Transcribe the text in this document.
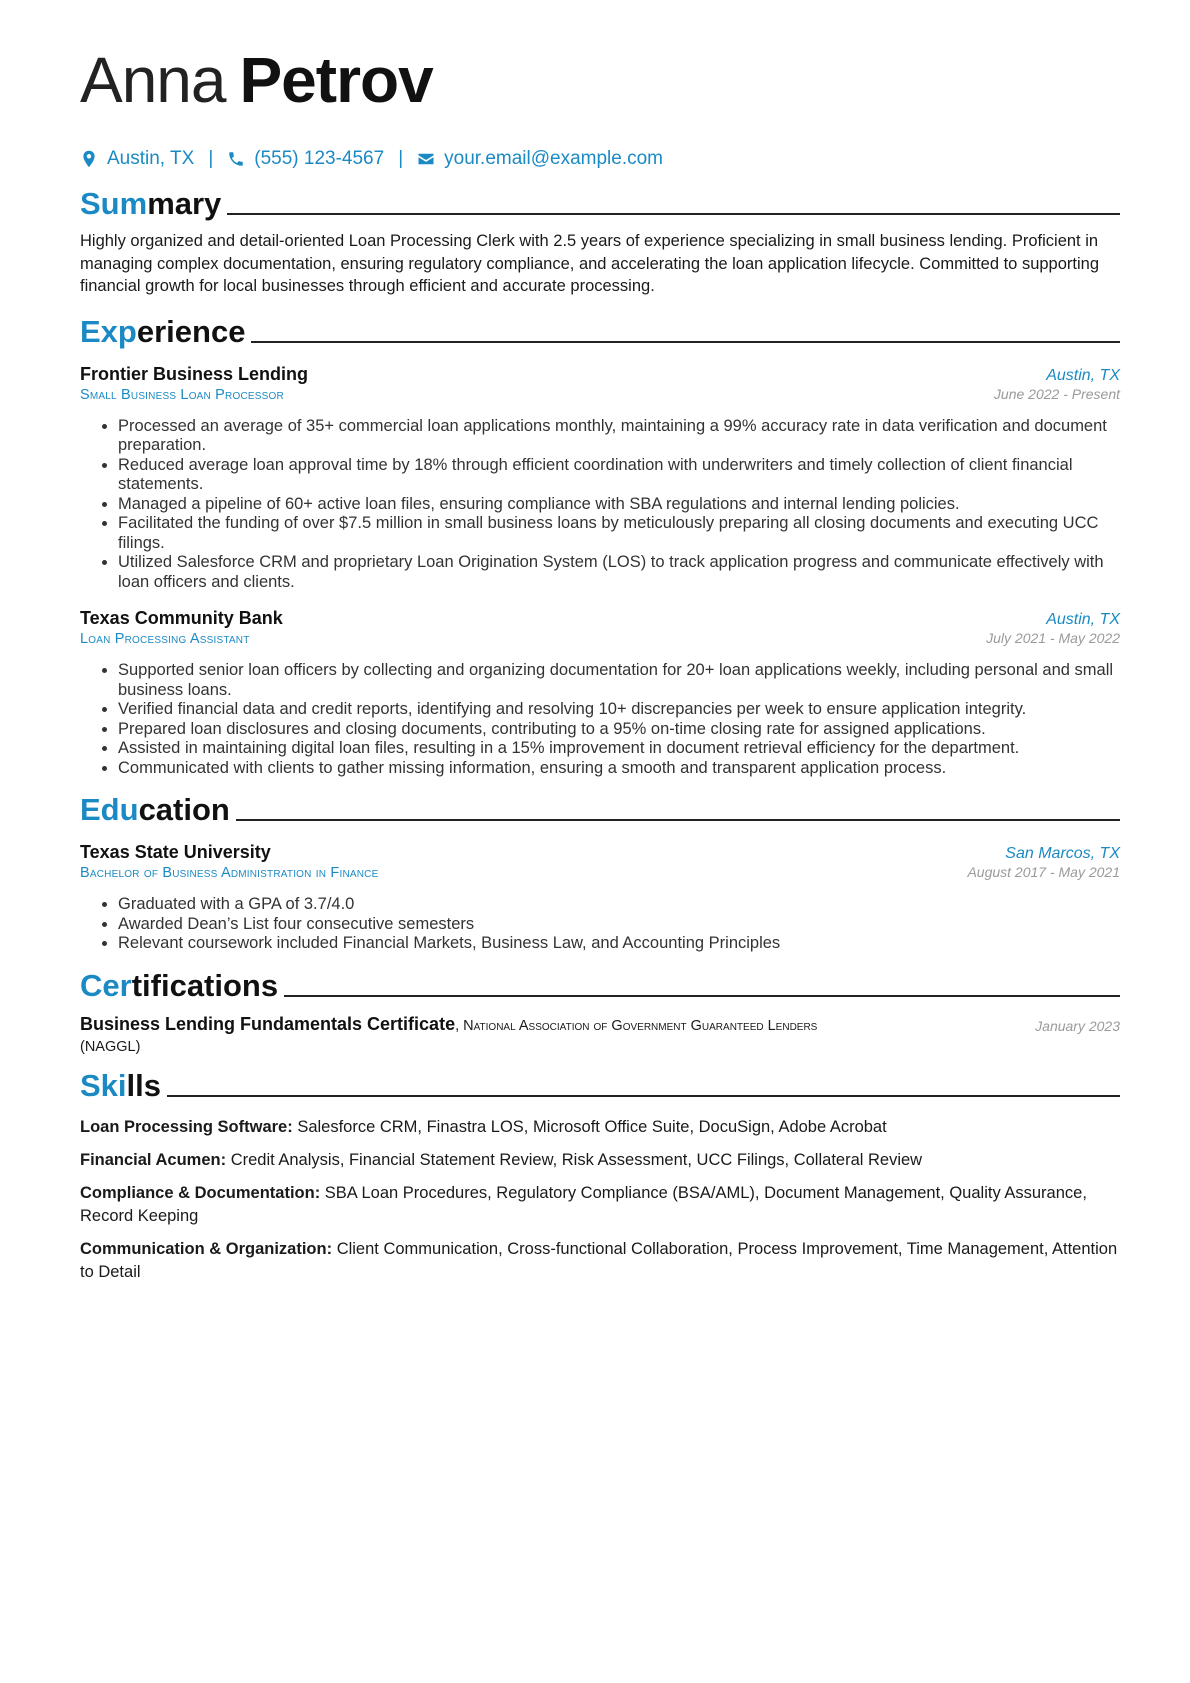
Anna Petrov
Austin, TX | (555) 123-4567 | your.email@example.com
Summary
Highly organized and detail-oriented Loan Processing Clerk with 2.5 years of experience specializing in small business lending. Proficient in managing complex documentation, ensuring regulatory compliance, and accelerating the loan application lifecycle. Committed to supporting financial growth for local businesses through efficient and accurate processing.
Experience
Frontier Business Lending	Austin, TX
Small Business Loan Processor	June 2022 - Present
• Processed an average of 35+ commercial loan applications monthly, maintaining a 99% accuracy rate in data verification and document preparation.
• Reduced average loan approval time by 18% through efficient coordination with underwriters and timely collection of client financial statements.
• Managed a pipeline of 60+ active loan files, ensuring compliance with SBA regulations and internal lending policies.
• Facilitated the funding of over $7.5 million in small business loans by meticulously preparing all closing documents and executing UCC filings.
• Utilized Salesforce CRM and proprietary Loan Origination System (LOS) to track application progress and communicate effectively with loan officers and clients.
Texas Community Bank	Austin, TX
Loan Processing Assistant	July 2021 - May 2022
• Supported senior loan officers by collecting and organizing documentation for 20+ loan applications weekly, including personal and small business loans.
• Verified financial data and credit reports, identifying and resolving 10+ discrepancies per week to ensure application integrity.
• Prepared loan disclosures and closing documents, contributing to a 95% on-time closing rate for assigned applications.
• Assisted in maintaining digital loan files, resulting in a 15% improvement in document retrieval efficiency for the department.
• Communicated with clients to gather missing information, ensuring a smooth and transparent application process.
Education
Texas State University	San Marcos, TX
Bachelor of Business Administration in Finance	August 2017 - May 2021
• Graduated with a GPA of 3.7/4.0
• Awarded Dean’s List four consecutive semesters
• Relevant coursework included Financial Markets, Business Law, and Accounting Principles
Certifications
Business Lending Fundamentals Certificate, National Association of Government Guaranteed Lenders
(NAGGL)
January 2023
Skills
Loan Processing Software: Salesforce CRM, Finastra LOS, Microsoft Office Suite, DocuSign, Adobe Acrobat
Financial Acumen: Credit Analysis, Financial Statement Review, Risk Assessment, UCC Filings, Collateral Review
Compliance & Documentation: SBA Loan Procedures, Regulatory Compliance (BSA/AML), Document Management, Quality Assurance, Record Keeping
Communication & Organization: Client Communication, Cross-functional Collaboration, Process Improvement, Time Management, Attention to Detail
